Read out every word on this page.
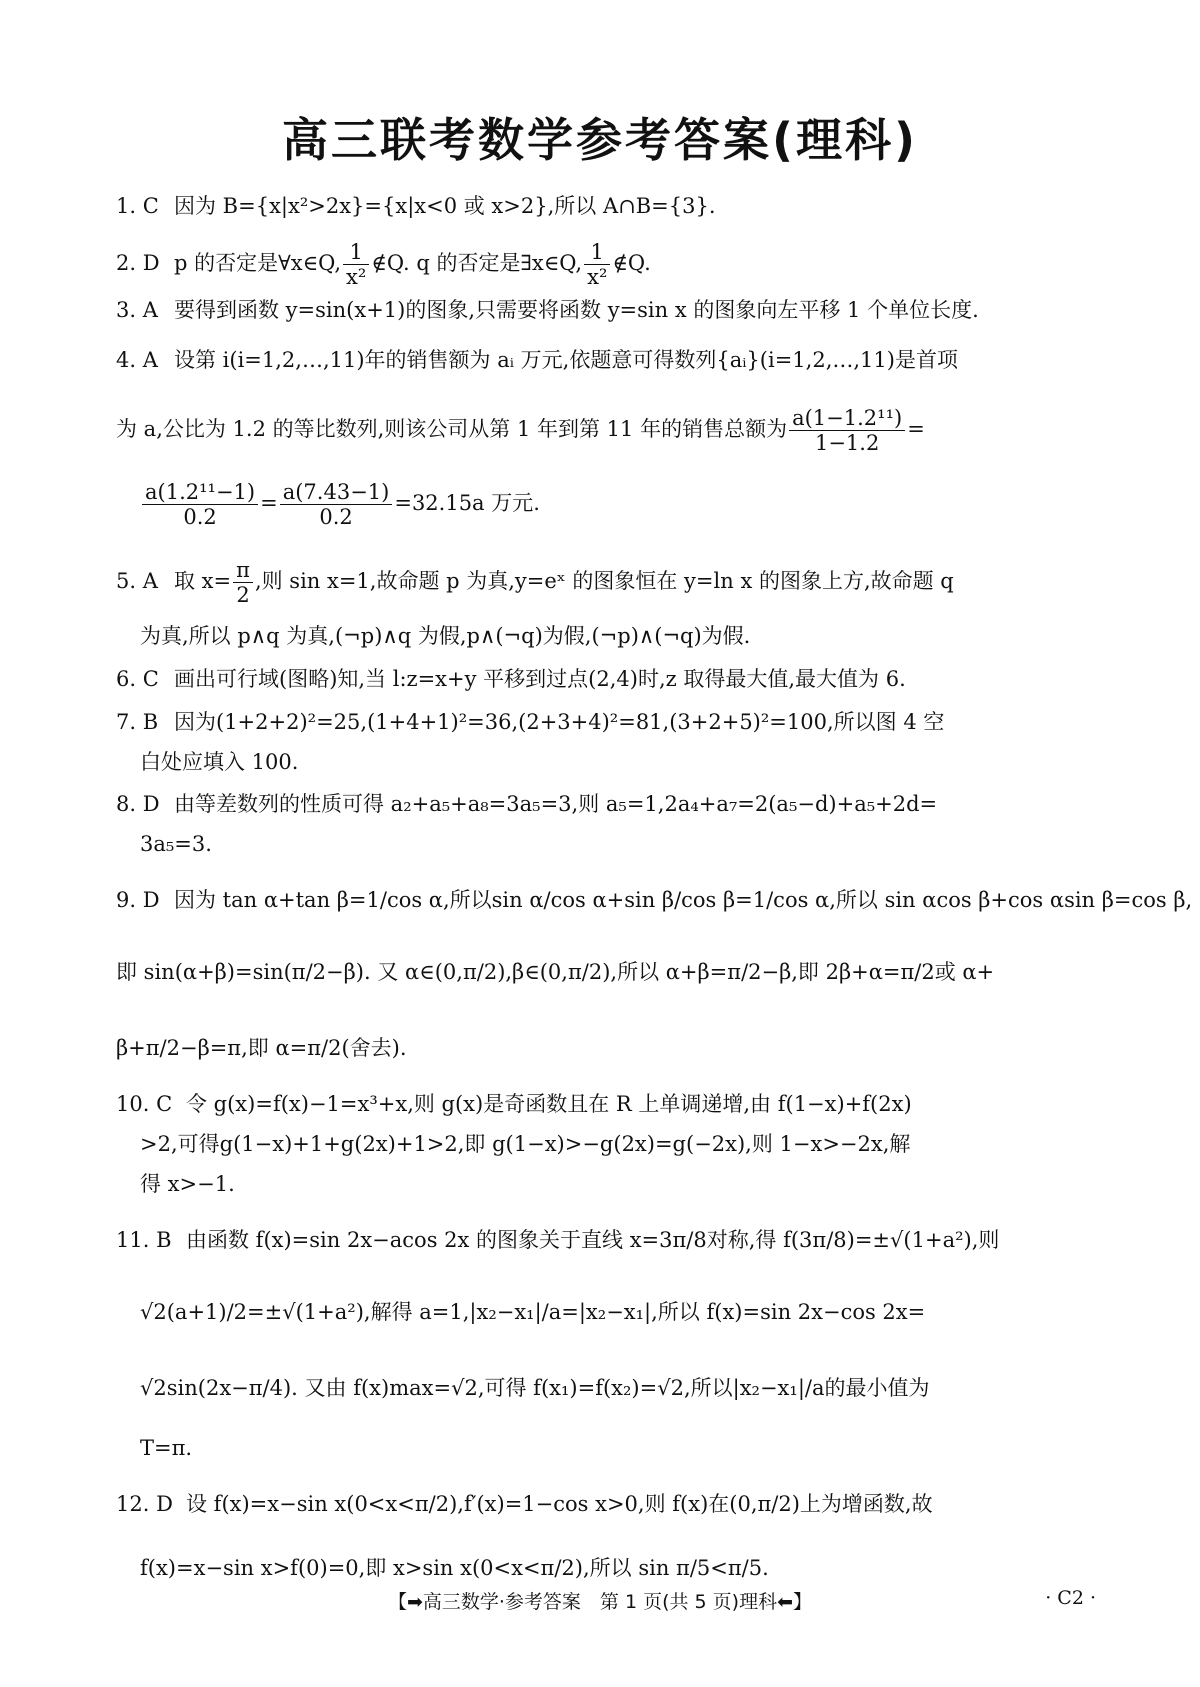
高三联考数学参考答案(理科)
1. C 因为 B={x|x²>2x}={x|x<0 或 x>2},所以 A∩B={3}.
2. D p 的否定是∀x∈Q, $\frac{1}{\text{x²}}$ ∉Q. q 的否定是∃x∈Q, $\frac{1}{\text{x²}}$ ∉Q.
3. A 要得到函数 y=sin(x+1)的图象,只需要将函数 y=sin x 的图象向左平移 1 个单位长度.
4. A 设第 i(i=1,2,…,11)年的销售额为 aᵢ 万元,依题意可得数列{aᵢ}(i=1,2,…,11)是首项
为 a,公比为 1.2 的等比数列,则该公司从第 1 年到第 11 年的销售总额为 $\frac{\text{a(1−1.2¹¹)}}{1-1.2}$ =
$\frac{\text{a(1.2¹¹−1)}}{0.2} = \frac{a(7.43-1)}{0.2} =32.15a$ 万元.
5. A 取 $x= \frac{\pi}{2}$ ,则 sin x=1,故命题 p 为真,y=eˣ 的图象恒在 y=ln x 的图象上方,故命题 q
为真,所以 p∧q 为真,(¬p)∧q 为假,p∧(¬q)为假,(¬p)∧(¬q)为假.
6. C 画出可行域(图略)知,当 l:z=x+y 平移到过点(2,4)时,z 取得最大值,最大值为 6.
7. B 因为(1+2+2)²=25,(1+4+1)²=36,(2+3+4)²=81,(3+2+5)²=100,所以图 4 空
白处应填入 100.
8. D 由等差数列的性质可得 a₂+a₅+a₈=3a₅=3,则 a₅=1,2a₄+a₇=2(a₅−d)+a₅+2d=
3a₅=3.
9. D 因为 tan α+tan β=1/cos α,所以sin α/cos α+sin β/cos β=1/cos α,所以 sin αcos β+cos αsin β=cos β,
即 sin(α+β)=sin(π/2−β). 又 α∈(0,π/2),β∈(0,π/2),所以 α+β=π/2−β,即 2β+α=π/2或 α+
β+π/2−β=π,即 α=π/2(舍去).
10. C 令 g(x)=f(x)−1=x³+x,则 g(x)是奇函数且在 R 上单调递增,由 f(1−x)+f(2x)
>2,可得g(1−x)+1+g(2x)+1>2,即 g(1−x)>−g(2x)=g(−2x),则 1−x>−2x,解
得 x>−1.
11. B 由函数 f(x)=sin 2x−acos 2x 的图象关于直线 x=3π/8对称,得 f(3π/8)=±√(1+a²),则
√2(a+1)/2=±√(1+a²),解得 a=1,|x₂−x₁|/a=|x₂−x₁|,所以 f(x)=sin 2x−cos 2x=
√2sin(2x−π/4). 又由 f(x)max=√2,可得 f(x₁)=f(x₂)=√2,所以|x₂−x₁|/a的最小值为
T=π.
12. D 设 f(x)=x−sin x(0<x<π/2),f′(x)=1−cos x>0,则 f(x)在(0,π/2)上为增函数,故
f(x)=x−sin x>f(0)=0,即 x>sin x(0<x<π/2),所以 sin π/5<π/5.
【➡高三数学·参考答案　第 1 页(共 5 页)理科⬅】	· C2 ·
